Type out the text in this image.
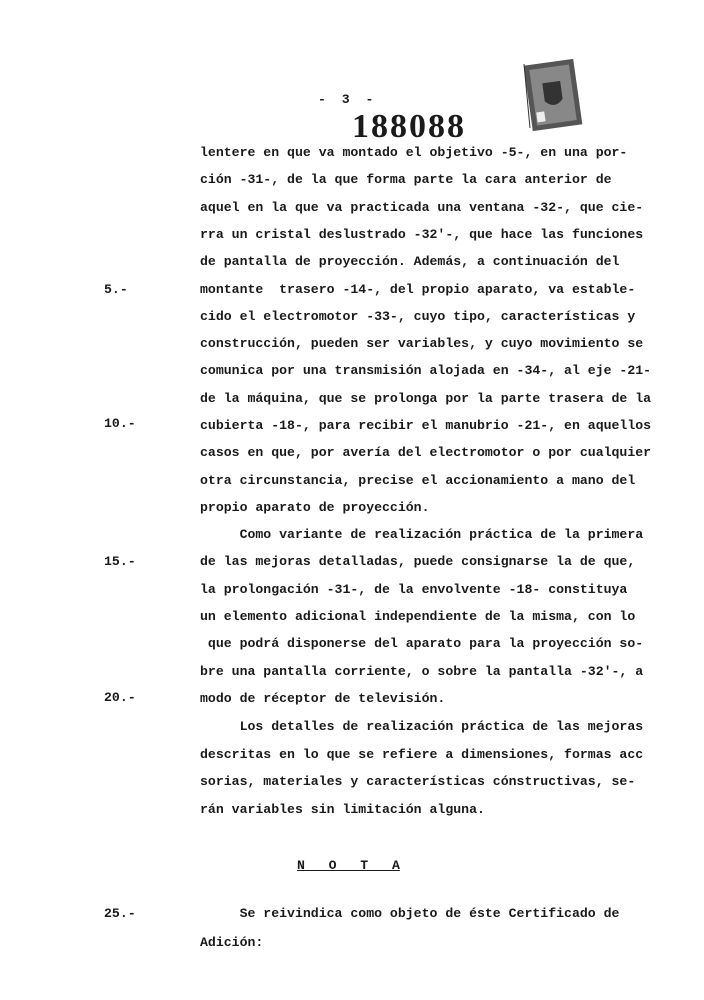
-  3  -
188088
lentere en que va montado el objetivo -5-, en una por-
ción -31-, de la que forma parte la cara anterior de
aquel en la que va practicada una ventana -32-, que cie-
rra un cristal deslustrado -32'-, que hace las funciones
de pantalla de proyección. Además, a continuación del
montante  trasero -14-, del propio aparato, va estable-
cido el electromotor -33-, cuyo tipo, características y
construcción, pueden ser variables, y cuyo movimiento se
comunica por una transmisión alojada en -34-, al eje -21-
de la máquina, que se prolonga por la parte trasera de la
cubierta -18-, para recibir el manubrio -21-, en aquellos
casos en que, por avería del electromotor o por cualquier
otra circunstancia, precise el accionamiento a mano del
propio aparato de proyección.
Como variante de realización práctica de la primera
de las mejoras detalladas, puede consignarse la de que,
la prolongación -31-, de la envolvente -18- constituya
un elemento adicional independiente de la misma, con lo
que podrá disponerse del aparato para la proyección so-
bre una pantalla corriente, o sobre la pantalla -32'-, a
modo de réceptor de televisión.
Los detalles de realización práctica de las mejoras
descritas en lo que se refiere a dimensiones, formas acc
sorias, materiales y características cónstructivas, se-
rán variables sin limitación alguna.
Se reivindica como objeto de éste Certificado de
Adición:
N   O   T   A
5.-
10.-
15.-
20.-
25.-
